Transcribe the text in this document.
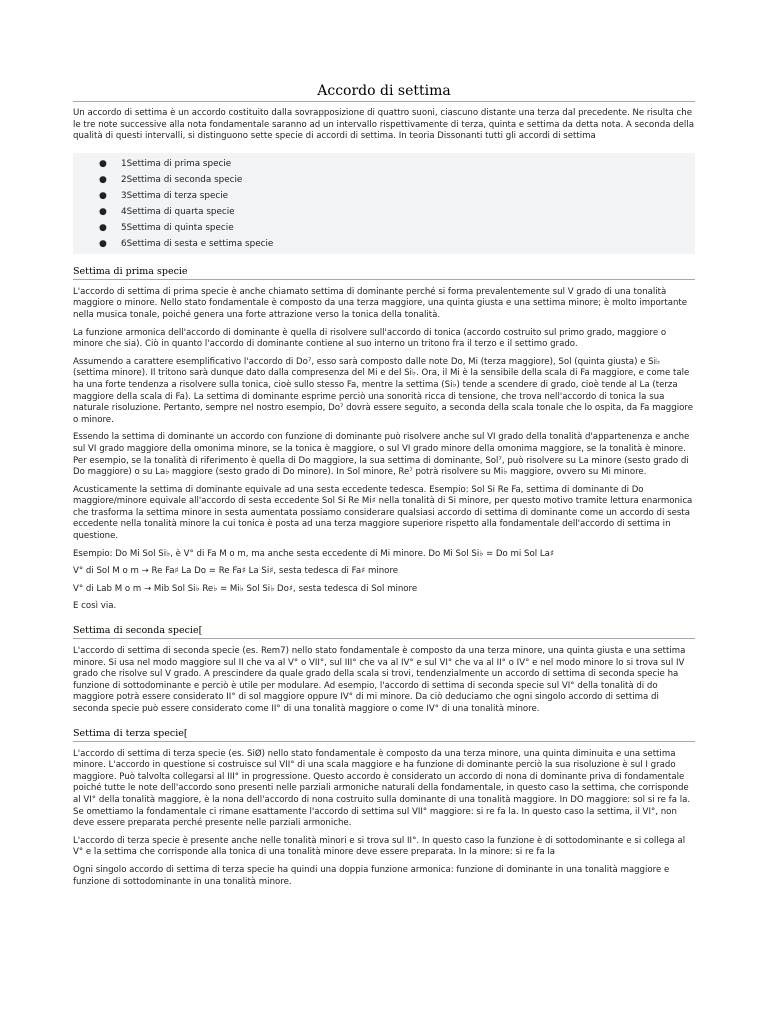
Accordo di settima

Un accordo di settima è un accordo costituito dalla sovrapposizione di quattro suoni, ciascuno distante una terza dal precedente. Ne risulta che le tre note successive alla nota fondamentale saranno ad un intervallo rispettivamente di terza, quinta e settima da detta nota. A seconda della qualità di questi intervalli, si distinguono sette specie di accordi di settima. In teoria Dissonanti tutti gli accordi di settima

● 1Settima di prima specie
● 2Settima di seconda specie
● 3Settima di terza specie
● 4Settima di quarta specie
● 5Settima di quinta specie
● 6Settima di sesta e settima specie
Settima di prima specie

L'accordo di settima di prima specie è anche chiamato settima di dominante perché si forma prevalentemente sul V grado di una tonalità maggiore o minore. Nello stato fondamentale è composto da una terza maggiore, una quinta giusta e una settima minore; è molto importante nella musica tonale, poiché genera una forte attrazione verso la tonica della tonalità.

La funzione armonica dell'accordo di dominante è quella di risolvere sull'accordo di tonica (accordo costruito sul primo grado, maggiore o minore che sia). Ciò in quanto l'accordo di dominante contiene al suo interno un tritono fra il terzo e il settimo grado.

Assumendo a carattere esemplificativo l'accordo di Do⁷, esso sarà composto dalle note Do, Mi (terza maggiore), Sol (quinta giusta) e Si♭ (settima minore). Il tritono sarà dunque dato dalla compresenza del Mi e del Si♭. Ora, il Mi è la sensibile della scala di Fa maggiore, e come tale ha una forte tendenza a risolvere sulla tonica, cioè sullo stesso Fa, mentre la settima (Si♭) tende a scendere di grado, cioè tende al La (terza maggiore della scala di Fa). La settima di dominante esprime perciò una sonorità ricca di tensione, che trova nell'accordo di tonica la sua naturale risoluzione. Pertanto, sempre nel nostro esempio, Do⁷ dovrà essere seguito, a seconda della scala tonale che lo ospita, da Fa maggiore o minore.

Essendo la settima di dominante un accordo con funzione di dominante può risolvere anche sul VI grado della tonalità d'appartenenza e anche sul VI grado maggiore della omonima minore, se la tonica è maggiore, o sul VI grado minore della omonima maggiore, se la tonalità è minore. Per esempio, se la tonalità di riferimento è quella di Do maggiore, la sua settima di dominante, Sol⁷, può risolvere su La minore (sesto grado di Do maggiore) o su La♭ maggiore (sesto grado di Do minore). In Sol minore, Re⁷ potrà risolvere su Mi♭ maggiore, ovvero su Mi minore.

Acusticamente la settima di dominante equivale ad una sesta eccedente tedesca. Esempio: Sol Si Re Fa, settima di dominante di Do maggiore/minore equivale all'accordo di sesta eccedente Sol Si Re Mi♯ nella tonalità di Si minore, per questo motivo tramite lettura enarmonica che trasforma la settima minore in sesta aumentata possiamo considerare qualsiasi accordo di settima di dominante come un accordo di sesta eccedente nella tonalità minore la cui tonica è posta ad una terza maggiore superiore rispetto alla fondamentale dell'accordo di settima in questione.

Esempio: Do Mi Sol Si♭, è V° di Fa M o m, ma anche sesta eccedente di Mi minore. Do Mi Sol Si♭ = Do mi Sol La♯

V° di Sol M o m → Re Fa♯ La Do = Re Fa♯ La Si♯, sesta tedesca di Fa♯ minore

V° di Lab M o m → Mib Sol Si♭ Re♭ = Mi♭ Sol Si♭ Do♯, sesta tedesca di Sol minore

E così via.

Settima di seconda specie[

L'accordo di settima di seconda specie (es. Rem7) nello stato fondamentale è composto da una terza minore, una quinta giusta e una settima minore. Si usa nel modo maggiore sul II che va al V° o VII°, sul III° che va al IV° e sul VI° che va al II° o IV° e nel modo minore lo si trova sul IV grado che risolve sul V grado. A prescindere da quale grado della scala si trovi, tendenzialmente un accordo di settima di seconda specie ha funzione di sottodominante e perciò è utile per modulare. Ad esempio, l'accordo di settima di seconda specie sul VI° della tonalità di do maggiore potrà essere considerato II° di sol maggiore oppure IV° di mi minore. Da ciò deduciamo che ogni singolo accordo di settima di seconda specie può essere considerato come II° di una tonalità maggiore o come IV° di una tonalità minore.

Settima di terza specie[

L'accordo di settima di terza specie (es. SiØ) nello stato fondamentale è composto da una terza minore, una quinta diminuita e una settima minore. L'accordo in questione si costruisce sul VII° di una scala maggiore e ha funzione di dominante perciò la sua risoluzione è sul I grado maggiore. Può talvolta collegarsi al III° in progressione. Questo accordo è considerato un accordo di nona di dominante priva di fondamentale poiché tutte le note dell'accordo sono presenti nelle parziali armoniche naturali della fondamentale, in questo caso la settima, che corrisponde al VI° della tonalità maggiore, è la nona dell'accordo di nona costruito sulla dominante di una tonalità maggiore. In DO maggiore: sol si re fa la. Se omettiamo la fondamentale ci rimane esattamente l'accordo di settima sul VII° maggiore: si re fa la. In questo caso la settima, il VI°, non deve essere preparata perché presente nelle parziali armoniche.

L'accordo di terza specie è presente anche nelle tonalità minori e si trova sul II°. In questo caso la funzione è di sottodominante e si collega al V° e la settima che corrisponde alla tonica di una tonalità minore deve essere preparata. In la minore: si re fa la

Ogni singolo accordo di settima di terza specie ha quindi una doppia funzione armonica: funzione di dominante in una tonalità maggiore e funzione di sottodominante in una tonalità minore.
